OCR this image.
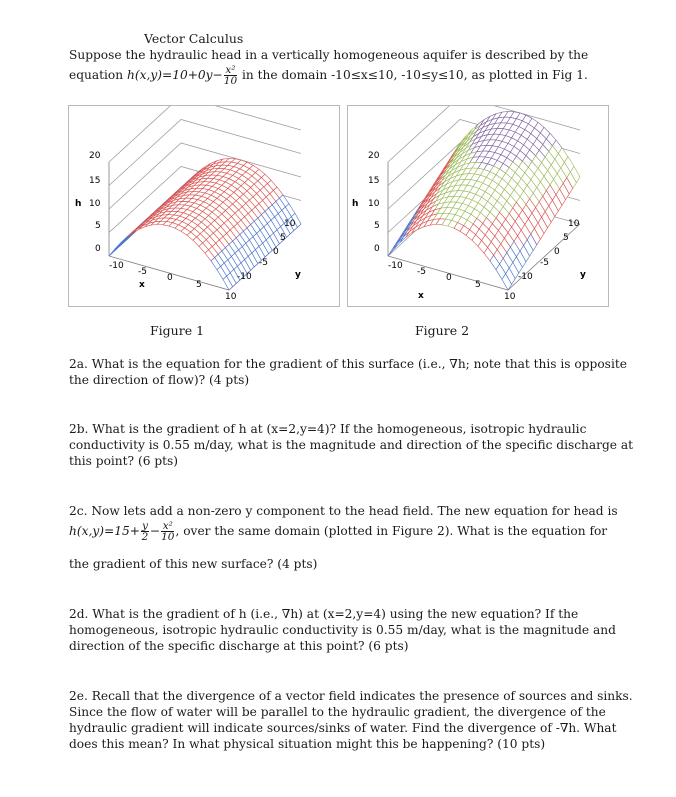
Vector Calculus
Suppose the hydraulic head in a vertically homogeneous aquifer is described by the
equation $h(x,y)=10+0y- \frac{\text{x²}}{10}$ in the domain -10≤x≤10, -10≤y≤10, as plotted in Fig 1.
h
20
15
10
5
0
-10
-5
0
5
10
x
10
5
0
-5
-10	y
h
20
15
10
5
0
-10
-5
0
5
10
x
10
5
0
-5
-10	y
Figure 1	Figure 2
2a. What is the equation for the gradient of this surface (i.e., ∇h; note that this is opposite
the direction of flow)? (4 pts)
2b. What is the gradient of h at (x=2,y=4)? If the homogeneous, isotropic hydraulic
conductivity is 0.55 m/day, what is the magnitude and direction of the specific discharge at
this point? (6 pts)
2c. Now lets add a non-zero y component to the head field. The new equation for head is
$h(x,y)=15+ \frac{y}{2} - \frac{\text{x²}}{10}$ , over the same domain (plotted in Figure 2). What is the equation for
the gradient of this new surface? (4 pts)
2d. What is the gradient of h (i.e., ∇h) at (x=2,y=4) using the new equation? If the
homogeneous, isotropic hydraulic conductivity is 0.55 m/day, what is the magnitude and
direction of the specific discharge at this point? (6 pts)
2e. Recall that the divergence of a vector field indicates the presence of sources and sinks.
Since the flow of water will be parallel to the hydraulic gradient, the divergence of the
hydraulic gradient will indicate sources/sinks of water. Find the divergence of -∇h. What
does this mean? In what physical situation might this be happening? (10 pts)
